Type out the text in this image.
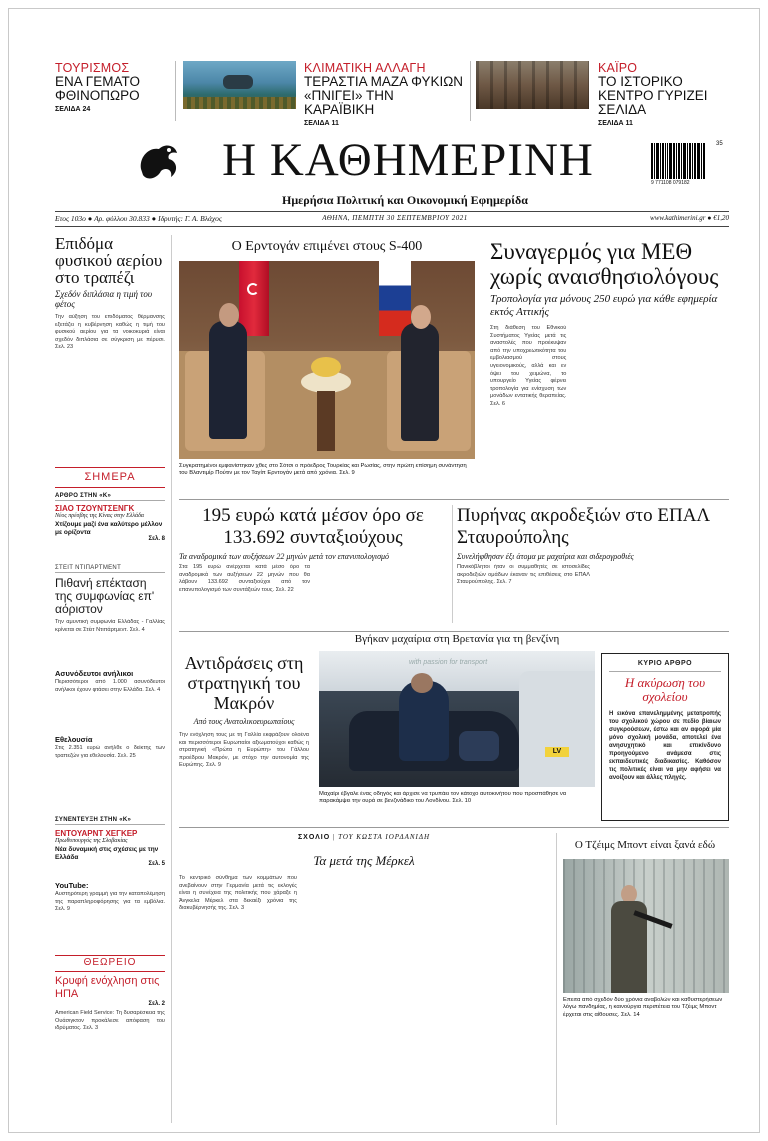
ΤΟΥΡΙΣΜΟΣ
ΕΝΑ ΓΕΜΑΤΟ ΦΘΙΝΟΠΩΡΟ
ΣΕΛΙΔΑ 24
ΚΛΙΜΑΤΙΚΗ ΑΛΛΑΓΗ
ΤΕΡΑΣΤΙΑ ΜΑΖΑ ΦΥΚΙΩΝ «ΠΝΙΓΕΙ» ΤΗΝ ΚΑΡΑΪΒΙΚΗ
ΣΕΛΙΔΑ 11
ΚΑΪΡΟ
ΤΟ ΙΣΤΟΡΙΚΟ ΚΕΝΤΡΟ ΓΥΡΙΖΕΙ ΣΕΛΙΔΑ
ΣΕΛΙΔΑ 11
Η ΚΑΘΗΜΕΡΙΝΗ
Ημερήσια Πολιτική και Οικονομική Εφημερίδα
9 771108 079182
35
Ετος 103ο ● Αρ. φύλλου 30.833 ● Ιδρυτής: Γ. Α. Βλάχος	ΑΘΗΝΑ, ΠΕΜΠΤΗ 30 ΣΕΠΤΕΜΒΡΙΟΥ 2021	www.kathimerini.gr ● €1,20
Επιδόμα φυσικού αερίου στο τραπέζι
Σχεδόν διπλάσια η τιμή του φέτος
Την αύξηση του επιδόματος θέρμανσης εξετάζει η κυβέρνηση καθώς η τιμή του φυσικού αερίου για τα νοικοκυριά είναι σχεδόν διπλάσια σε σύγκριση με πέρυσι. Σελ. 23
ΣΗΜΕΡΑ
ΑΡΘΡΟ ΣΤΗΝ «Κ»
ΣΙΑΟ ΤΖΟΥΝΤΣΕΝΓΚ
Νέος πρέσβης της Κίνας στην Ελλάδα
Χτίζουμε μαζί ένα καλύτερο μέλλον με ορίζοντα
Σελ. 8
ΣΤΕΙΤ ΝΤΙΠΑΡΤΜΕΝΤ
Πιθανή επέκταση της συμφωνίας επ' αόριστον
Την αμυντική συμφωνία Ελλάδας - Γαλλίας κρίνεται σε Στέιτ Ντιπάρτμεντ. Σελ. 4
Ασυνόδευτοι ανήλικοι
Περισσότεροι από 1.000 ασυνόδευτοι ανήλικοι έχουν φτάσει στην Ελλάδα. Σελ. 4
Εθελουσία
Στις 2.351 ευρώ ανήλθε ο δείκτης των τραπεζών για εθελουσία. Σελ. 25
ΣΥΝΕΝΤΕΥΞΗ ΣΤΗΝ «Κ»
ΕΝΤΟΥΑΡΝΤ ΧΕΓΚΕΡ
Πρωθυπουργός της Σλοβακίας
Νέα δυναμική στις σχέσεις με την Ελλάδα
Σελ. 5
YouTube:
Αυστηρότερη γραμμή για την καταπολέμηση της παραπληροφόρησης για τα εμβόλια. Σελ. 9
ΘΕΩΡΕΙΟ
Κρυφή ενόχληση στις ΗΠΑ
Σελ. 2
American Field Service: Τη δυσαρέσκεια της Ουάσιγκτον προκάλεσε απόφαση του ιδρύματος. Σελ. 3
Ο Ερντογάν επιμένει στους S-400
Συγκρατημένοι εμφανίστηκαν χθες στο Σότσι ο πρόεδρος Τουρκίας και Ρωσίας, στην πρώτη επίσημη συνάντηση του Βλαντιμίρ Πούτιν με τον Ταγίπ Ερντογάν μετά από χρόνια. Σελ. 9
Συναγερμός για ΜΕΘ χωρίς αναισθησιολόγους
Τροπολογία για μόνους 250 ευρώ για κάθε εφημερία εκτός Αττικής
Στη διάθεση του Εθνικού Συστήματος Υγείας μετά τις αναστολές που προέκυψαν από την υποχρεωτικότητα του εμβολιασμού στους υγειονομικούς, αλλά και εν όψει του χειμώνα, το υπουργείο Υγείας φέρνει τροπολογία για ενίσχυση των μονάδων εντατικής θεραπείας. Σελ. 6
195 ευρώ κατά μέσον όρο σε 133.692 συνταξιούχους
Τα αναδρομικά των αυξήσεων 22 μηνών μετά τον επανυπολογισμό
Στα 195 ευρώ ανέρχεται κατά μέσο όρο τα αναδρομικά των αυξήσεων 22 μηνών που θα λάβουν 133.692 συνταξιούχοι από τον επανυπολογισμό των συντάξεών τους. Σελ. 22
Πυρήνας ακροδεξιών στο ΕΠΑΛ Σταυρούπολης
Συνελήφθησαν έξι άτομα με μαχαίρια και σιδερογροθιές
Πανικόβλητοι ήταν οι συμμαθητές σε ιστοσελίδες ακροδεξιών ομάδων έκαναν τις επιθέσεις στο ΕΠΑΛ Σταυρούπολης. Σελ. 7
Αντιδράσεις στη στρατηγική του Μακρόν
Από τους Ανατολικοευρωπαίους
Την ενόχληση τους με τη Γαλλία εκφράζουν ολοένα και περισσότεροι Ευρωπαίοι αξιωματούχοι καθώς η στρατηγική «Πρώτα η Ευρώπη» του Γάλλου προέδρου Μακρόν, με στόχο την αυτονομία της Ευρώπης. Σελ. 9
Βγήκαν μαχαίρια στη Βρετανία για τη βενζίνη
with passion for transport
LV
Μαχαίρι έβγαλε ένας οδηγός και άρχισε να τρυπάει τον κάτοχο αυτοκινήτου που προσπάθησε να παρακάμψει την ουρά σε βενζινάδικο του Λονδίνου. Σελ. 10
ΚΥΡΙΟ ΑΡΘΡΟ
Η ακύρωση του σχολείου
Η εικόνα επανελημμένης μετατροπής του σχολικού χώρου σε πεδίο βίαιων συγκρούσεων, έστω και αν αφορά μία μόνο σχολική μονάδα, αποτελεί ένα ανησυχητικό και επικίνδυνο προηγούμενο ανάμεσα στις εκπαιδευτικές διαδικασίες. Καθόσον τις πολιτικές είναι να μην αφήσει να ανοίξουν και άλλες πληγές.
ΣΧΟΛΙΟ | ΤΟΥ ΚΩΣΤΑ ΙΟΡΔΑΝΙΔΗ
Τα μετά της Μέρκελ
Το κεντρικό σύνθημα των κομμάτων που ανεβαίνουν στην Γερμανία μετά τις εκλογές είναι η συνέχεια της πολιτικής που χάραξε η Άνγκελα Μέρκελ στα δεκαέξι χρόνια της διακυβέρνησής της. Σελ. 3
Ο Τζέιμς Μποντ είναι ξανά εδώ
Επειτα από σχεδόν δύο χρόνια αναβολών και καθυστερήσεων λόγω πανδημίας, η καινούργια περιπέτεια του Τζέιμς Μποντ έρχεται στις αίθουσες. Σελ. 14
